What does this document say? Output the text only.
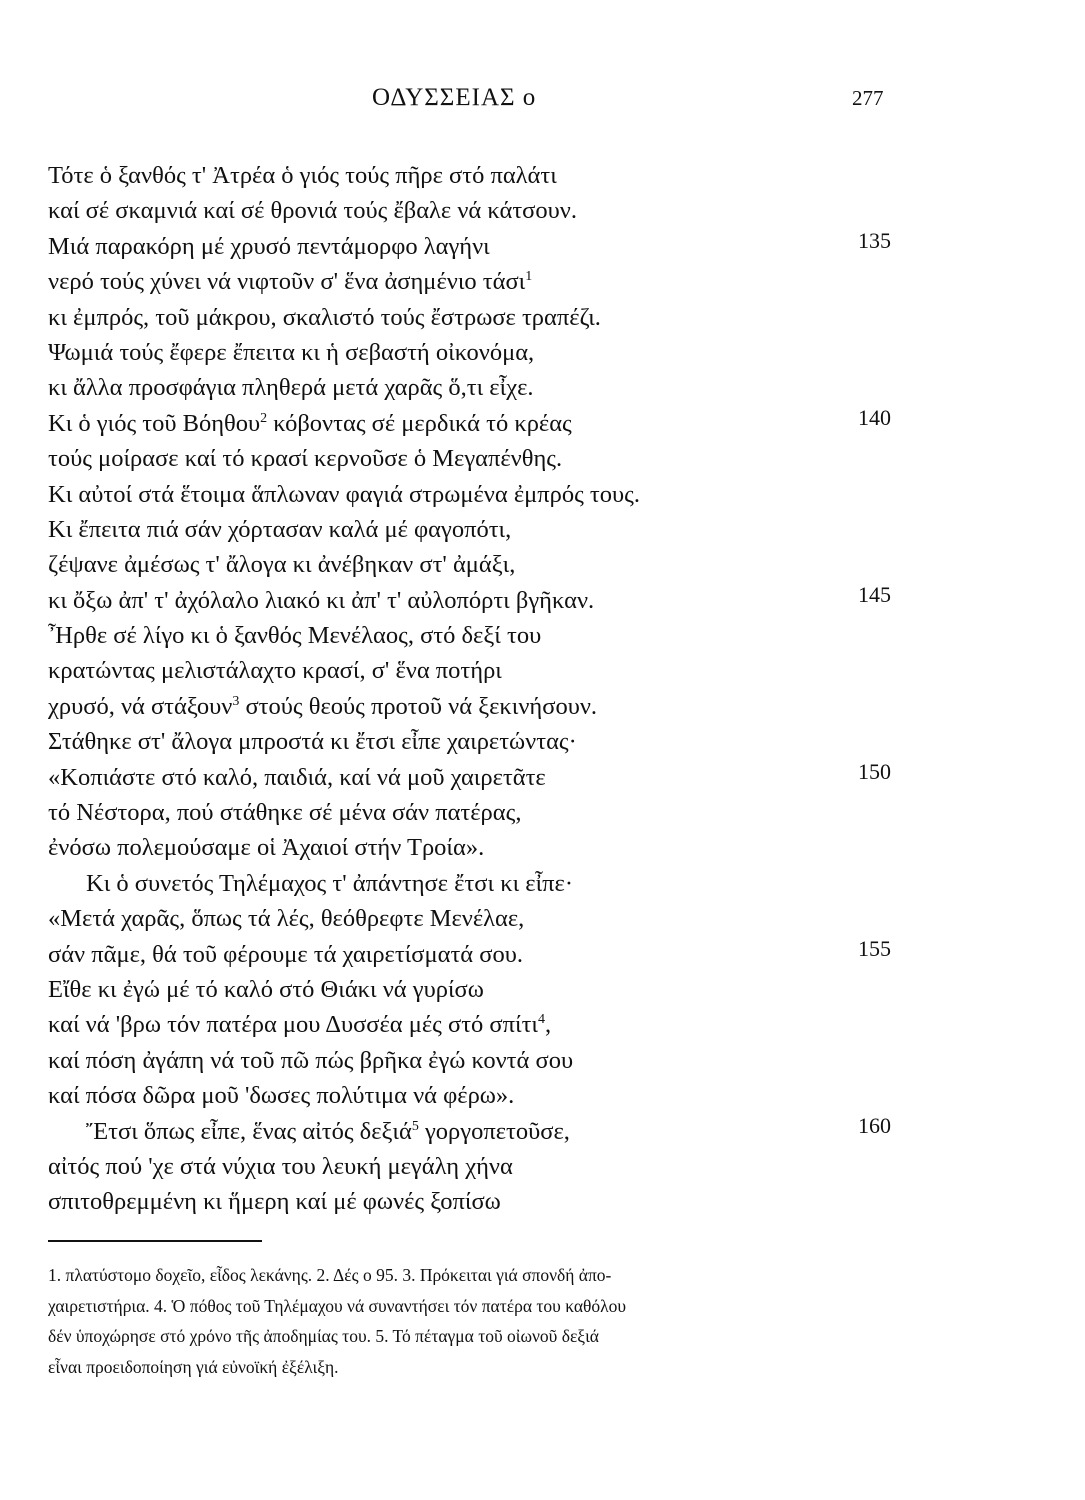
ΟΔΥΣΣΕΙΑΣ ο	277
Τότε ὁ ξανθός τ' Ἀτρέα ὁ γιός τούς πῆρε στό παλάτι
καί σέ σκαμνιά καί σέ θρονιά τούς ἔβαλε νά κάτσουν.
Μιά παρακόρη μέ χρυσό πεντάμορφο λαγήνι	135
νερό τούς χύνει νά νιφτοῦν σ' ἕνα ἀσημένιο τάσι$^1$
κι ἐμπρός, τοῦ μάκρου, σκαλιστό τούς ἔστρωσε τραπέζι.
Ψωμιά τούς ἔφερε ἔπειτα κι ἡ σεβαστή οἰκονόμα,
κι ἄλλα προσφάγια πληθερά μετά χαρᾶς ὅ,τι εἶχε.
Κι ὁ γιός τοῦ Βόηθου$^2$ κόβοντας σέ μερδικά τό κρέας	140
τούς μοίρασε καί τό κρασί κερνοῦσε ὁ Μεγαπένθης.
Κι αὐτοί στά ἕτοιμα ἅπλωναν φαγιά στρωμένα ἐμπρός τους.
Κι ἔπειτα πιά σάν χόρτασαν καλά μέ φαγοπότι,
ζέψανε ἀμέσως τ' ἄλογα κι ἀνέβηκαν στ' ἀμάξι,
κι ὄξω ἀπ' τ' ἀχόλαλο λιακό κι ἀπ' τ' αὐλοπόρτι βγῆκαν.	145
Ἦρθε σέ λίγο κι ὁ ξανθός Μενέλαος, στό δεξί του
κρατώντας μελιστάλαχτο κρασί, σ' ἕνα ποτήρι
χρυσό, νά στάξουν$^3$ στούς θεούς προτοῦ νά ξεκινήσουν.
Στάθηκε στ' ἄλογα μπροστά κι ἔτσι εἶπε χαιρετώντας·
«Κοπιάστε στό καλό, παιδιά, καί νά μοῦ χαιρετᾶτε	150
τό Νέστορα, πού στάθηκε σέ μένα σάν πατέρας,
ἐνόσω πολεμούσαμε οἱ Ἀχαιοί στήν Τροία».
Κι ὁ συνετός Τηλέμαχος τ' ἀπάντησε ἔτσι κι εἶπε·
«Μετά χαρᾶς, ὅπως τά λές, θεόθρεφτε Μενέλαε,
σάν πᾶμε, θά τοῦ φέρουμε τά χαιρετίσματά σου.	155
Εἴθε κι ἐγώ μέ τό καλό στό Θιάκι νά γυρίσω
καί νά 'βρω τόν πατέρα μου Δυσσέα μές στό σπίτι$^4$,
καί πόση ἀγάπη νά τοῦ πῶ πώς βρῆκα ἐγώ κοντά σου
καί πόσα δῶρα μοῦ 'δωσες πολύτιμα νά φέρω».
Ἔτσι ὅπως εἶπε, ἕνας αἰτός δεξιά$^5$ γοργοπετοῦσε,	160
αἰτός πού 'χε στά νύχια του λευκή μεγάλη χήνα
σπιτοθρεμμένη κι ἥμερη καί μέ φωνές ξοπίσω
1. πλατύστομο δοχεῖο, εἶδος λεκάνης. 2. Δές ο 95. 3. Πρόκειται γιά σπονδή ἀπο-
χαιρετιστήρια. 4. Ὁ πόθος τοῦ Τηλέμαχου νά συναντήσει τόν πατέρα του καθόλου
δέν ὑποχώρησε στό χρόνο τῆς ἀποδημίας του. 5. Τό πέταγμα τοῦ οἰωνοῦ δεξιά
εἶναι προειδοποίηση γιά εὐνοϊκή ἐξέλιξη.
